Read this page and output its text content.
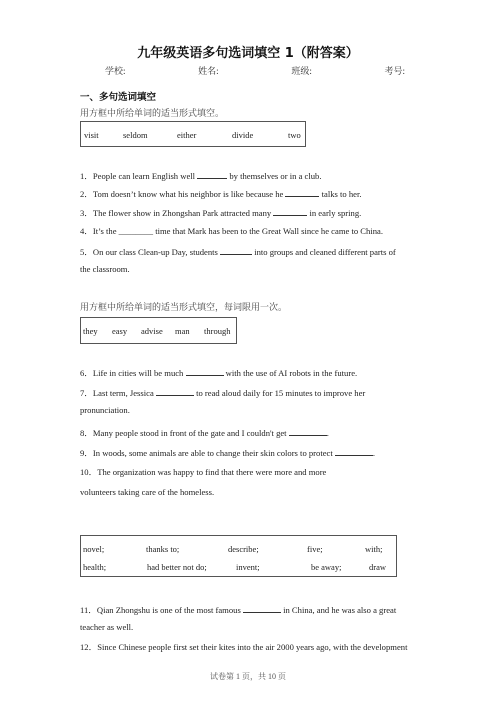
九年级英语多句选词填空 1（附答案）
学校:	姓名:	班级:	考号:
一、多句选词填空
用方框中所给单词的适当形式填空。
visit	seldom	either	divide	two
1．People can learn English well	by themselves or in a club.
2．Tom doesn’t know what his neighbor is like because he	talks to her.
3．The flower show in Zhongshan Park attracted many	in early spring.
4．It’s the ________ time that Mark has been to the Great Wall since he came to China.
5．On our class Clean-up Day, students	into groups and cleaned different parts of
the classroom.
用方框中所给单词的适当形式填空，每词限用一次。
they easy advise man through
6．Life in cities will be much	with the use of AI robots in the future.
7．Last term, Jessica	to read aloud daily for 15 minutes to improve her
pronunciation.
8．Many people stood in front of the gate and I couldn't get	.
9．In woods, some animals are able to change their skin colors to protect	.
10．The organization was happy to find that there were more and more
volunteers taking care of the homeless.
novel;	thanks to;	describe;	five;	with;
health;	had better not do;	invent;	be away;	draw
11．Qian Zhongshu is one of the most famous	in China, and he was also a great
teacher as well.
12．Since Chinese people first set their kites into the air 2000 years ago, with the development
试卷第 1 页，共 10 页
